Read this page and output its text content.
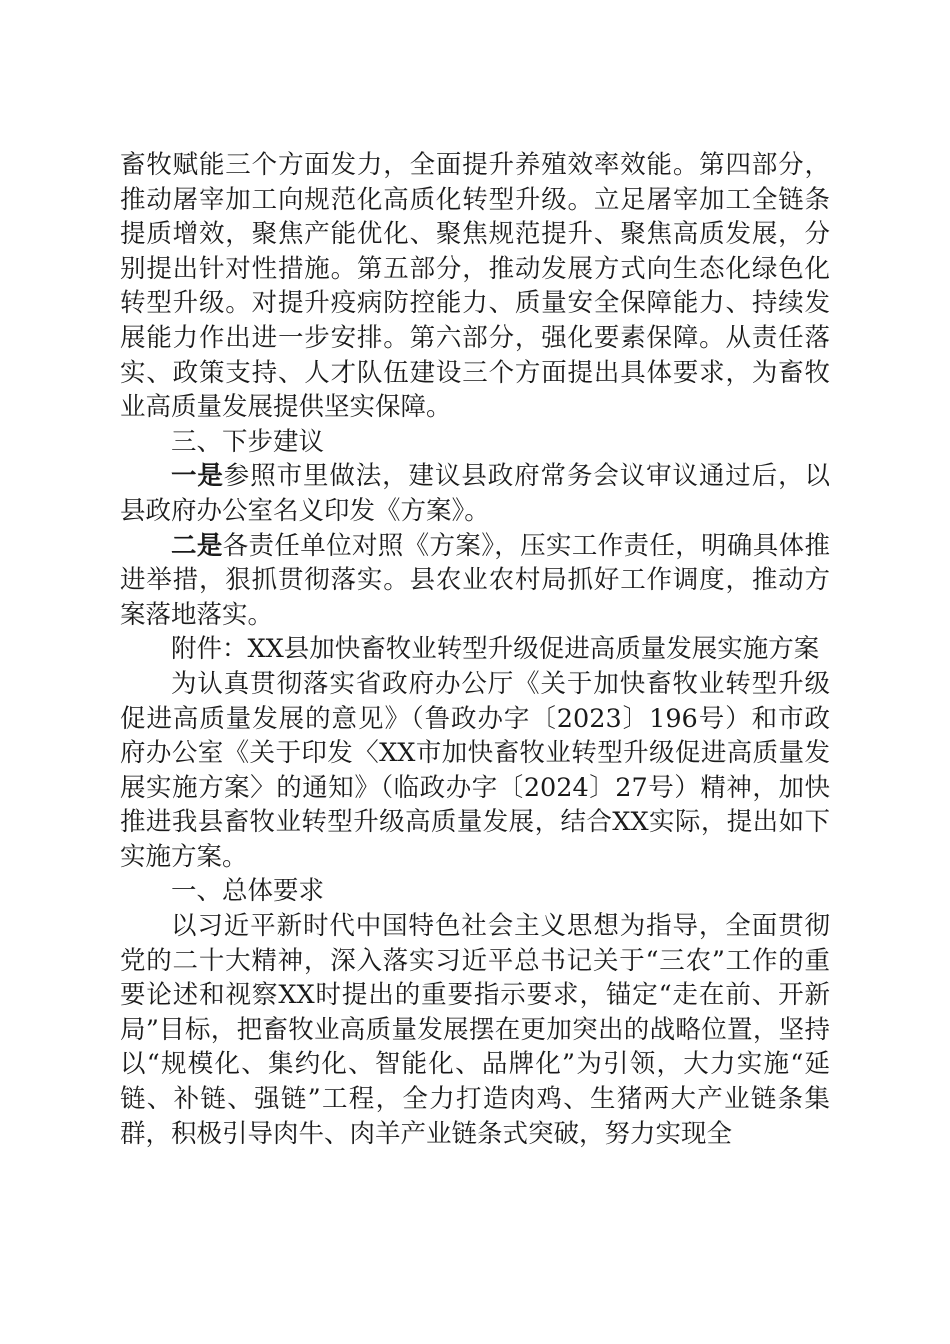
畜牧赋能三个方面发力，全面提升养殖效率效能。第四部分，推动屠宰加工向规范化高质化转型升级。立足屠宰加工全链条提质增效，聚焦产能优化、聚焦规范提升、聚焦高质发展，分别提出针对性措施。第五部分，推动发展方式向生态化绿色化转型升级。对提升疫病防控能力、质量安全保障能力、持续发展能力作出进一步安排。第六部分，强化要素保障。从责任落实、政策支持、人才队伍建设三个方面提出具体要求，为畜牧业高质量发展提供坚实保障。

三、下步建议

一是参照市里做法，建议县政府常务会议审议通过后，以县政府办公室名义印发《方案》。

二是各责任单位对照《方案》，压实工作责任，明确具体推进举措，狠抓贯彻落实。县农业农村局抓好工作调度，推动方案落地落实。

附件：XX县加快畜牧业转型升级促进高质量发展实施方案

为认真贯彻落实省政府办公厅《关于加快畜牧业转型升级促进高质量发展的意见》（鲁政办字〔2023〕196号）和市政府办公室《关于印发〈XX市加快畜牧业转型升级促进高质量发展实施方案〉的通知》（临政办字〔2024〕27号）精神，加快推进我县畜牧业转型升级高质量发展，结合XX实际，提出如下实施方案。

一、总体要求

以习近平新时代中国特色社会主义思想为指导，全面贯彻党的二十大精神，深入落实习近平总书记关于“三农”工作的重要论述和视察XX时提出的重要指示要求，锚定“走在前、开新局”目标，把畜牧业高质量发展摆在更加突出的战略位置，坚持以“规模化、集约化、智能化、品牌化”为引领，大力实施“延链、补链、强链”工程，全力打造肉鸡、生猪两大产业链条集群，积极引导肉牛、肉羊产业链条式突破，努力实现全
